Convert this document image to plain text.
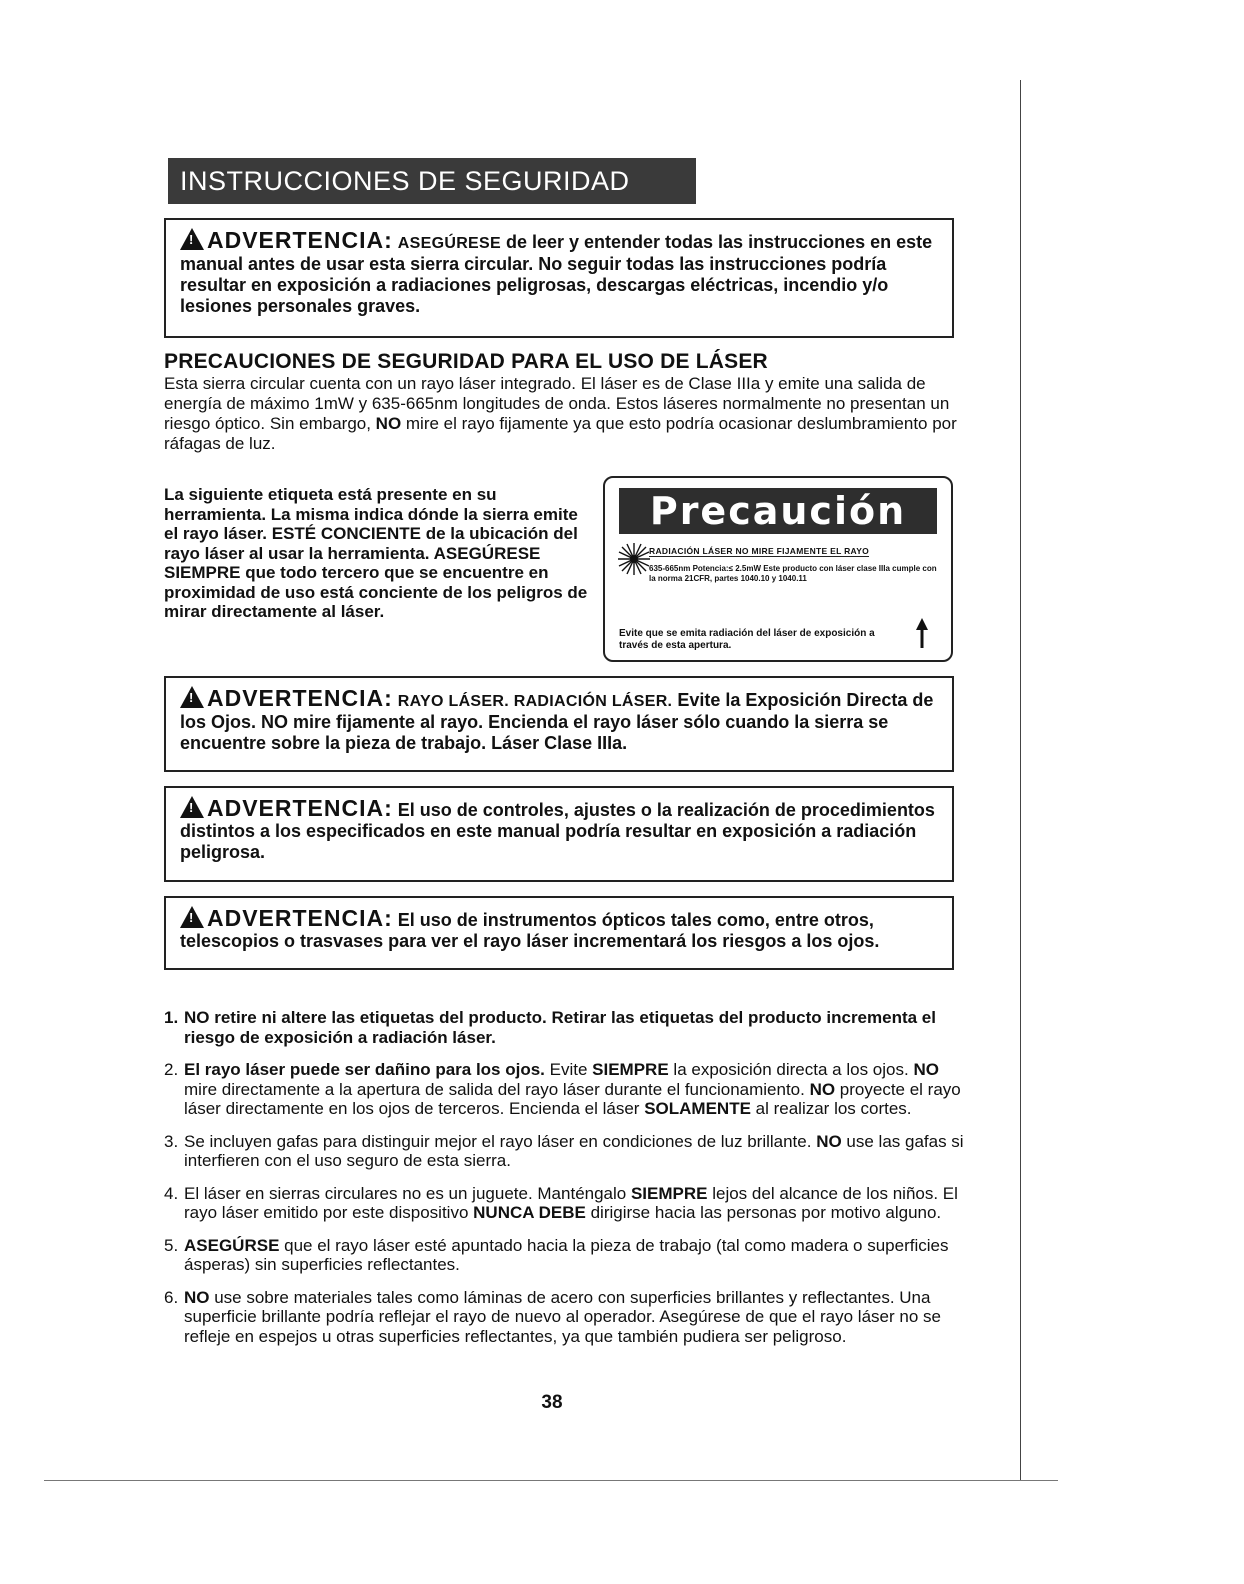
INSTRUCCIONES DE SEGURIDAD
!ADVERTENCIA: ASEGÚRESE de leer y entender todas las instrucciones en este manual antes de usar esta sierra circular. No seguir todas las instrucciones podría resultar en exposición a radiaciones peligrosas, descargas eléctricas, incendio y/o lesiones personales graves.
PRECAUCIONES DE SEGURIDAD PARA EL USO DE LÁSER
Esta sierra circular cuenta con un rayo láser integrado. El láser es de Clase IIIa y emite una salida de energía de máximo 1mW y 635-665nm longitudes de onda. Estos láseres normalmente no presentan un riesgo óptico. Sin embargo, NO mire el rayo fijamente ya que esto podría ocasionar deslumbramiento por ráfagas de luz.
La siguiente etiqueta está presente en su herramienta. La misma indica dónde la sierra emite el rayo láser. ESTÉ CONCIENTE de la ubicación del rayo láser al usar la herramienta. ASEGÚRESE SIEMPRE que todo tercero que se encuentre en proximidad de uso está conciente de los peligros de mirar directamente al láser.
Precaución
RADIACIÓN LÁSER NO MIRE FIJAMENTE EL RAYO
635-665nm Potencia:≤ 2.5mW Este producto con láser clase IIIa cumple con la norma 21CFR, partes 1040.10 y 1040.11
Evite que se emita radiación del láser de exposición a través de esta apertura.
!ADVERTENCIA: RAYO LÁSER. RADIACIÓN LÁSER. Evite la Exposición Directa de los Ojos. NO mire fijamente al rayo. Encienda el rayo láser sólo cuando la sierra se encuentre sobre la pieza de trabajo. Láser Clase IIIa.
!ADVERTENCIA: El uso de controles, ajustes o la realización de procedimientos distintos a los especificados en este manual podría resultar en exposición a radiación peligrosa.
!ADVERTENCIA: El uso de instrumentos ópticos tales como, entre otros, telescopios o trasvases para ver el rayo láser incrementará los riesgos a los ojos.
1. NO retire ni altere las etiquetas del producto. Retirar las etiquetas del producto incrementa el riesgo de exposición a radiación láser.
2. El rayo láser puede ser dañino para los ojos. Evite SIEMPRE la exposición directa a los ojos. NO mire directamente a la apertura de salida del rayo láser durante el funcionamiento. NO proyecte el rayo láser directamente en los ojos de terceros. Encienda el láser SOLAMENTE al realizar los cortes.
3. Se incluyen gafas para distinguir mejor el rayo láser en condiciones de luz brillante. NO use las gafas si interfieren con el uso seguro de esta sierra.
4. El láser en sierras circulares no es un juguete. Manténgalo SIEMPRE lejos del alcance de los niños. El rayo láser emitido por este dispositivo NUNCA DEBE dirigirse hacia las personas por motivo alguno.
5. ASEGÚRSE que el rayo láser esté apuntado hacia la pieza de trabajo (tal como madera o superficies ásperas) sin superficies reflectantes.
6. NO use sobre materiales tales como láminas de acero con superficies brillantes y reflectantes. Una superficie brillante podría reflejar el rayo de nuevo al operador. Asegúrese de que el rayo láser no se refleje en espejos u otras superficies reflectantes, ya que también pudiera ser peligroso.
38
